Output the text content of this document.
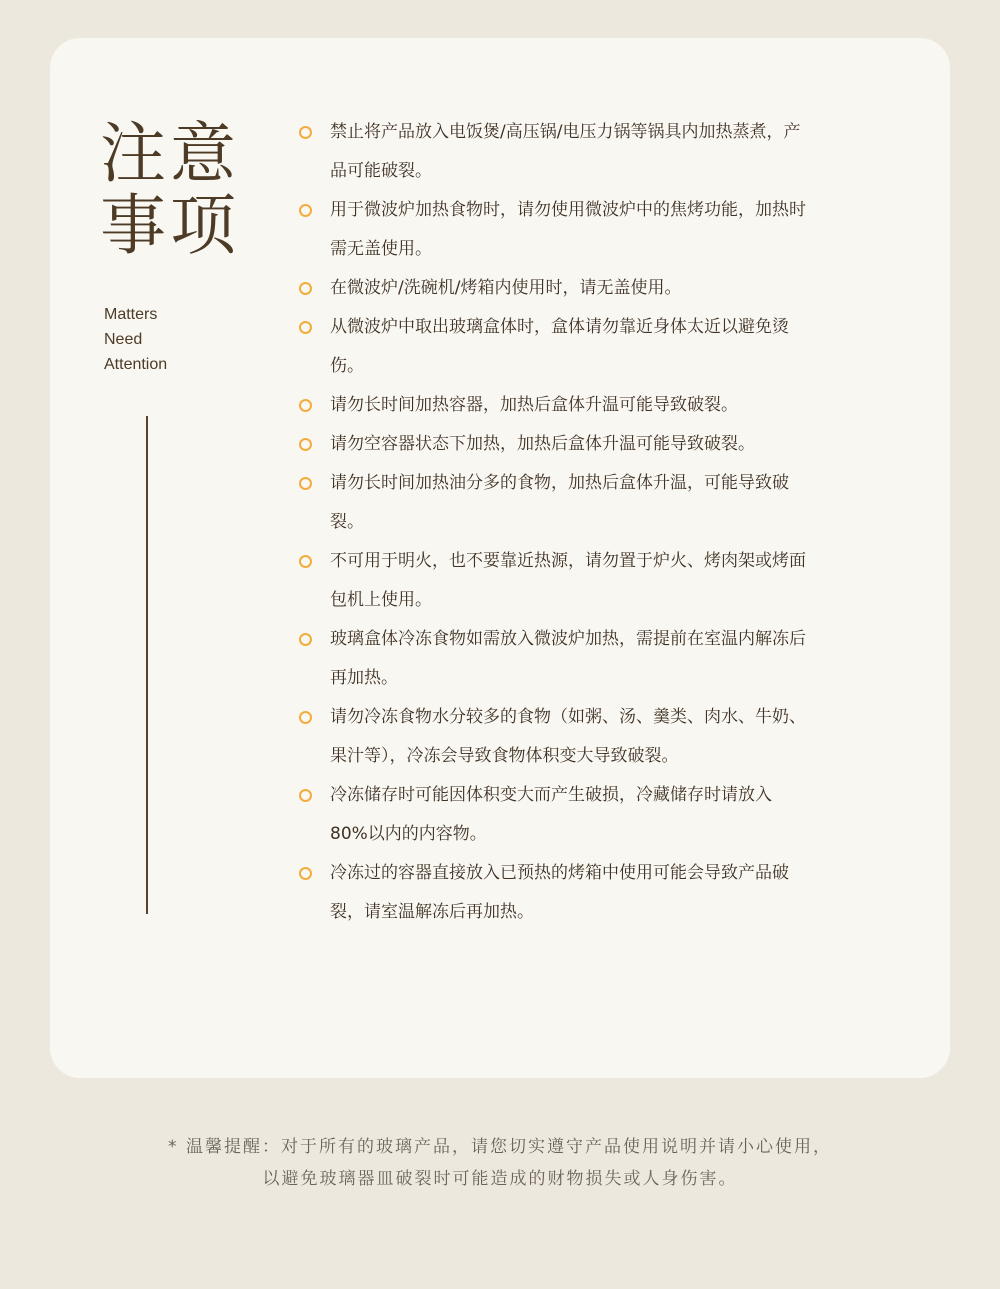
注意
事项
Matters
Need
Attention
禁止将产品放入电饭煲/高压锅/电压力锅等锅具内加热蒸煮，产品可能破裂。
用于微波炉加热食物时，请勿使用微波炉中的焦烤功能，加热时需无盖使用。
在微波炉/洗碗机/烤箱内使用时，请无盖使用。
从微波炉中取出玻璃盒体时，盒体请勿靠近身体太近以避免烫伤。
请勿长时间加热容器，加热后盒体升温可能导致破裂。
请勿空容器状态下加热，加热后盒体升温可能导致破裂。
请勿长时间加热油分多的食物，加热后盒体升温，可能导致破裂。
不可用于明火，也不要靠近热源，请勿置于炉火、烤肉架或烤面包机上使用。
玻璃盒体冷冻食物如需放入微波炉加热，需提前在室温内解冻后再加热。
请勿冷冻食物水分较多的食物（如粥、汤、羹类、肉水、牛奶、果汁等），冷冻会导致食物体积变大导致破裂。
冷冻储存时可能因体积变大而产生破损，冷藏储存时请放入80%以内的内容物。
冷冻过的容器直接放入已预热的烤箱中使用可能会导致产品破裂，请室温解冻后再加热。
* 温馨提醒：对于所有的玻璃产品，请您切实遵守产品使用说明并请小心使用，
以避免玻璃器皿破裂时可能造成的财物损失或人身伤害。
